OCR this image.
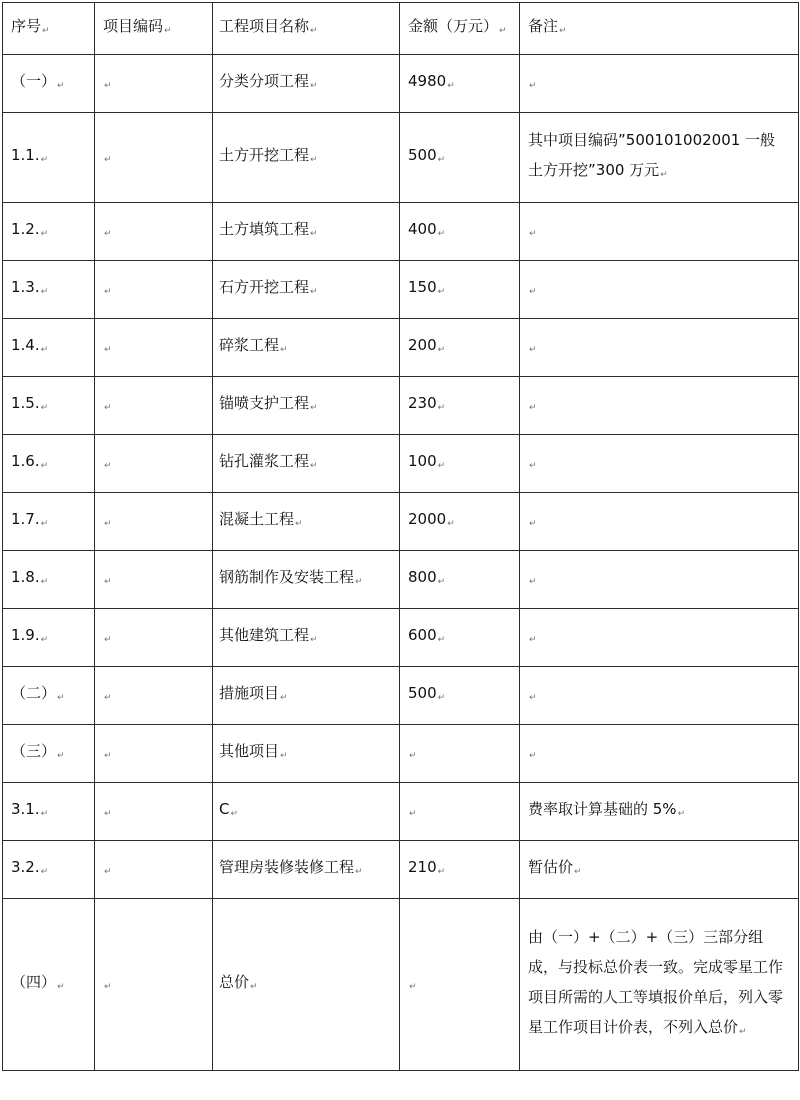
序号↵	项目编码↵	工程项目名称↵	金额（万元）↵	备注↵
（一）↵	↵	分类分项工程↵	4980↵	↵
1.1.↵	↵	土方开挖工程↵	500↵	其中项目编码”500101002001 一般土方开挖”300 万元↵
1.2.↵	↵	土方填筑工程↵	400↵	↵
1.3.↵	↵	石方开挖工程↵	150↵	↵
1.4.↵	↵	碎浆工程↵	200↵	↵
1.5.↵	↵	锚喷支护工程↵	230↵	↵
1.6.↵	↵	钻孔灌浆工程↵	100↵	↵
1.7.↵	↵	混凝土工程↵	2000↵	↵
1.8.↵	↵	钢筋制作及安装工程↵	800↵	↵
1.9.↵	↵	其他建筑工程↵	600↵	↵
（二）↵	↵	措施项目↵	500↵	↵
（三）↵	↵	其他项目↵	↵	↵
3.1.↵	↵	C↵	↵	费率取计算基础的 5%↵
3.2.↵	↵	管理房装修装修工程↵	210↵	暂估价↵
（四）↵	↵	总价↵	↵	由（一）+（二）+（三）三部分组成，与投标总价表一致。完成零星工作项目所需的人工等填报价单后，列入零星工作项目计价表，不列入总价↵
